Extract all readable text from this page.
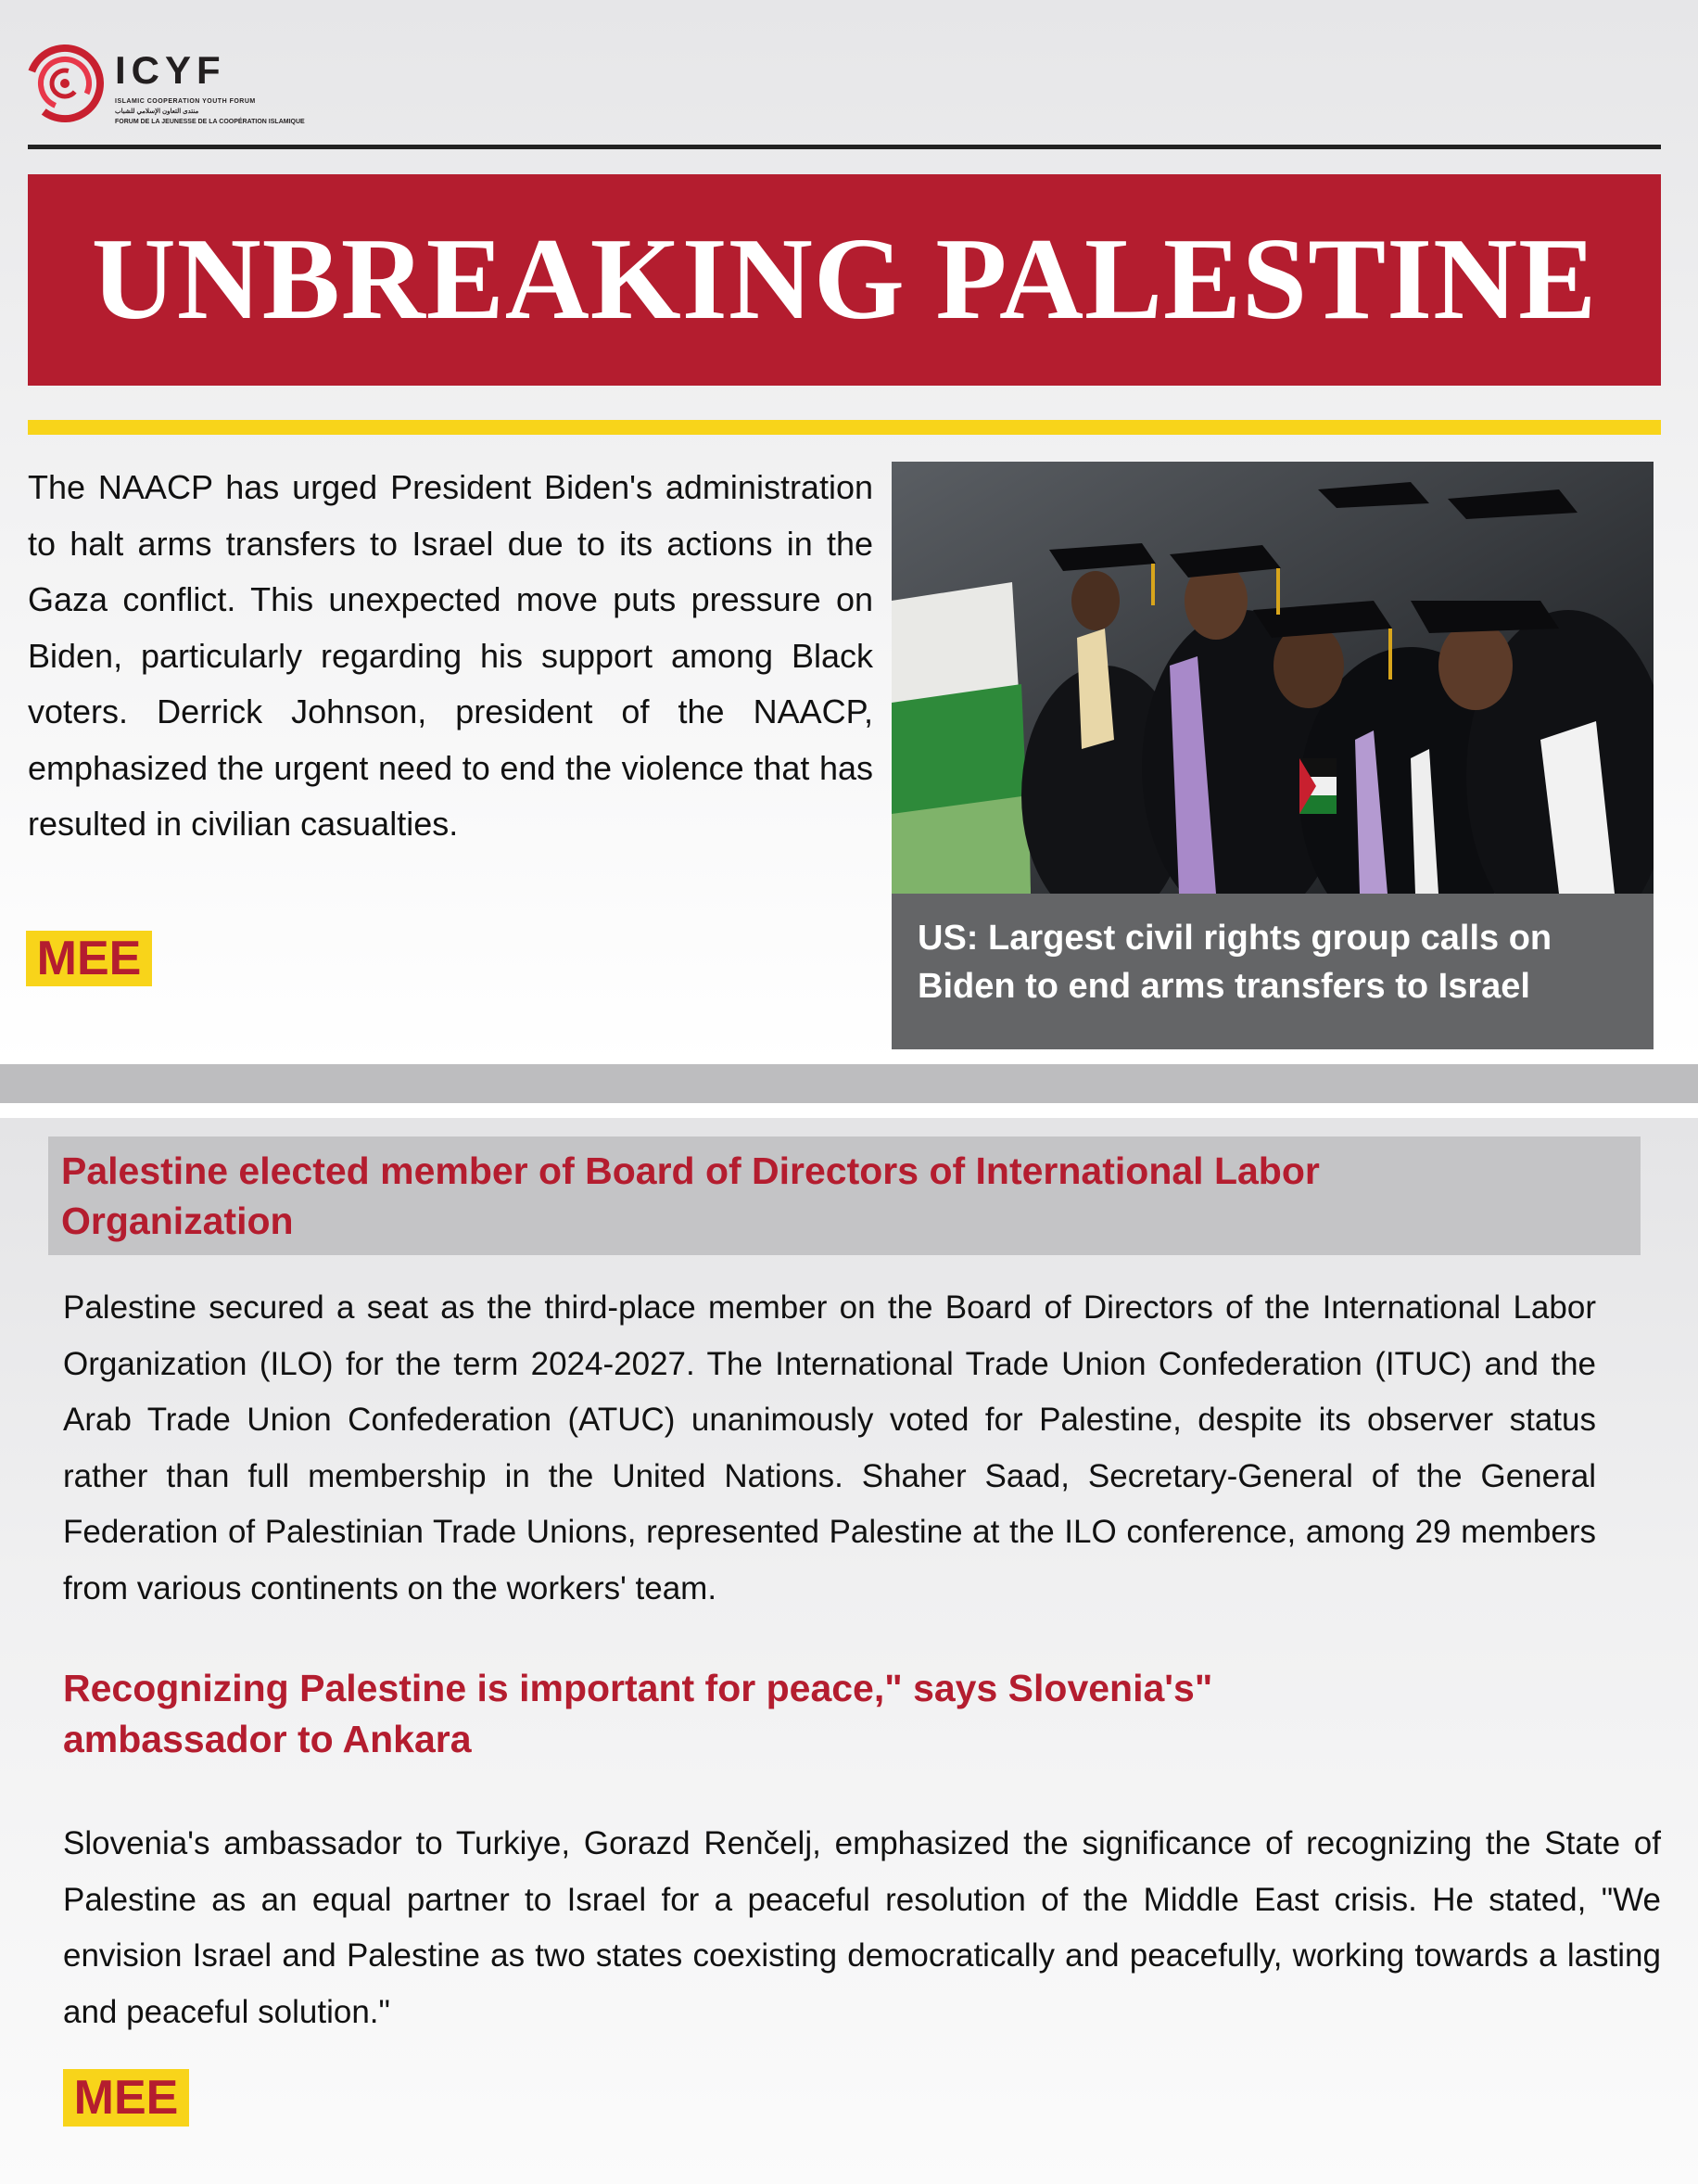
ICYF
ISLAMIC COOPERATION YOUTH FORUM
منتدى التعاون الإسلامي للشباب
FORUM DE LA JEUNESSE DE LA COOPÉRATION ISLAMIQUE
UNBREAKING PALESTINE
The NAACP has urged President Biden's administration to halt arms transfers to Israel due to its actions in the Gaza conflict. This unexpected move puts pressure on Biden, particularly regarding his support among Black voters. Derrick Johnson, president of the NAACP, emphasized the urgent need to end the violence that has resulted in civilian casualties.
MEE	US: Largest civil rights group calls on Biden to end arms transfers to Israel
Palestine elected member of Board of Directors of International Labor Organization
Palestine secured a seat as the third-place member on the Board of Directors of the International Labor Organization (ILO) for the term 2024-2027. The International Trade Union Confederation (ITUC) and the Arab Trade Union Confederation (ATUC) unanimously voted for Palestine, despite its observer status rather than full membership in the United Nations. Shaher Saad, Secretary-General of the General Federation of Palestinian Trade Unions, represented Palestine at the ILO conference, among 29 members from various continents on the workers' team.
Recognizing Palestine is important for peace," says Slovenia's" ambassador to Ankara
Slovenia's ambassador to Turkiye, Gorazd Renčelj, emphasized the significance of recognizing the State of Palestine as an equal partner to Israel for a peaceful resolution of the Middle East crisis. He stated, "We envision Israel and Palestine as two states coexisting democratically and peacefully, working towards a lasting and peaceful solution."
MEE
